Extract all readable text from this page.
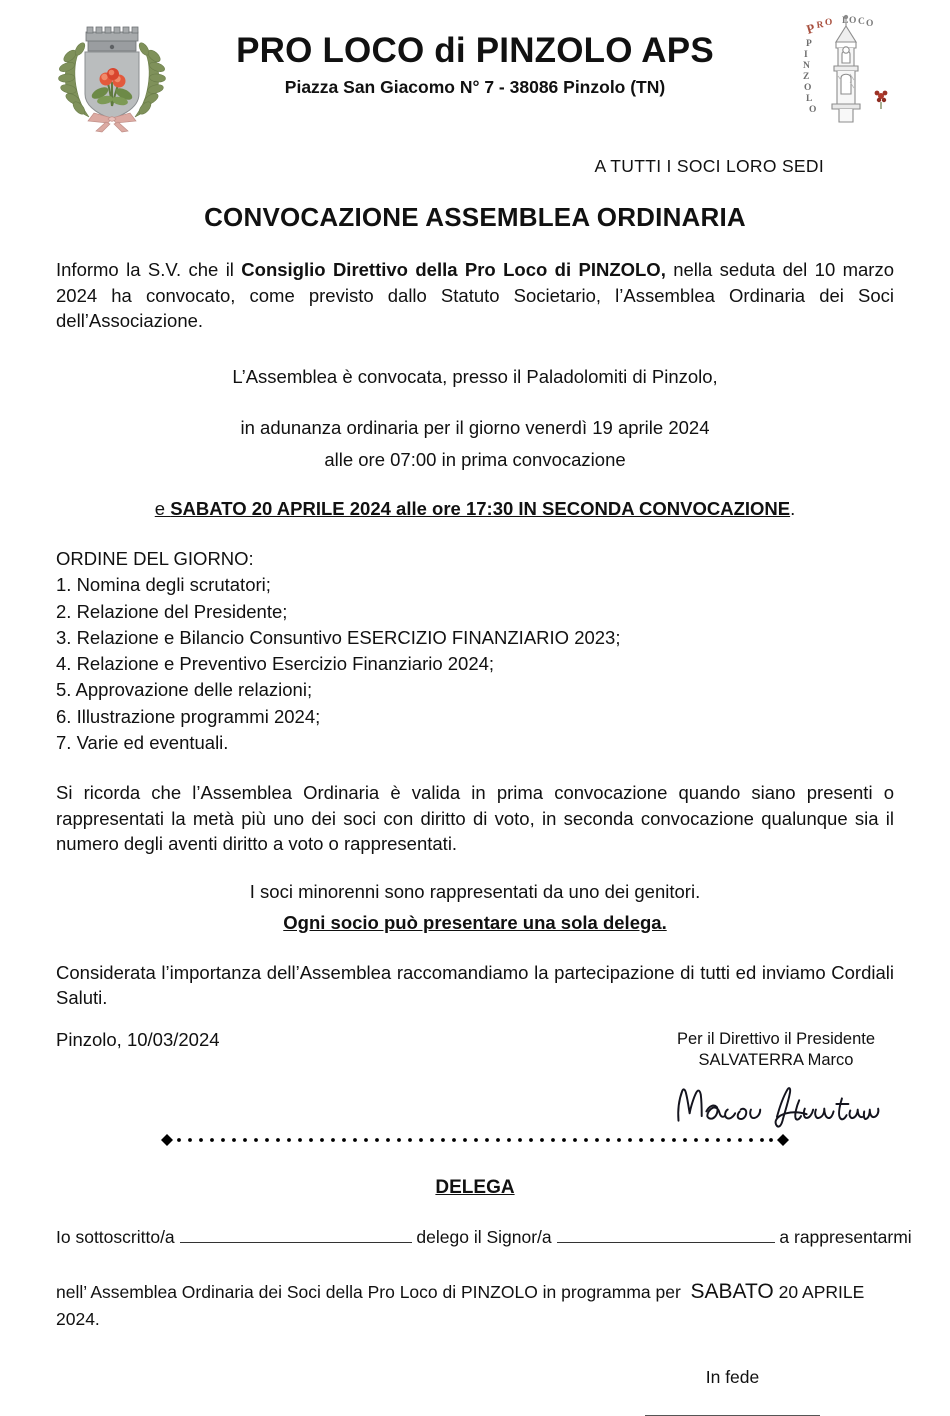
PRO LOCO di PINZOLO APS
Piazza San Giacomo N° 7 - 38086 Pinzolo (TN)
P R O L O C O
P
I
N
Z
O
L
O
A TUTTI I SOCI LORO SEDI
CONVOCAZIONE ASSEMBLEA ORDINARIA

Informo la S.V. che il Consiglio Direttivo della Pro Loco di PINZOLO, nella seduta del 10 marzo 2024 ha convocato, come previsto dallo Statuto Societario, l’Assemblea Ordinaria dei Soci dell’Associazione.

L’Assemblea è convocata, presso il Paladolomiti di Pinzolo,

in adunanza ordinaria per il giorno venerdì 19 aprile 2024

alle ore 07:00 in prima convocazione

e SABATO 20 APRILE 2024 alle ore 17:30 IN SECONDA CONVOCAZIONE.

ORDINE DEL GIORNO:
1. Nomina degli scrutatori;
2. Relazione del Presidente;
3. Relazione e Bilancio Consuntivo ESERCIZIO FINANZIARIO 2023;
4. Relazione e Preventivo Esercizio Finanziario 2024;
5. Approvazione delle relazioni;
6. Illustrazione programmi 2024;
7. Varie ed eventuali.

Si ricorda che l’Assemblea Ordinaria è valida in prima convocazione quando siano presenti o rappresentati la metà più uno dei soci con diritto di voto, in seconda convocazione qualunque sia il numero degli aventi diritto a voto o rappresentati.

I soci minorenni sono rappresentati da uno dei genitori.

Ogni socio può presentare una sola delega.

Considerata l’importanza dell’Assemblea raccomandiamo la partecipazione di tutti ed inviamo Cordiali Saluti.

Pinzolo, 10/03/2024	Per il Direttivo il Presidente
SALVATERRA Marco
DELEGA

Io sottoscritto/a	delego il Signor/a	a rappresentarmi

nell’ Assemblea Ordinaria dei Soci della Pro Loco di PINZOLO in programma per SABATO 20 APRILE 2024.

In fede
